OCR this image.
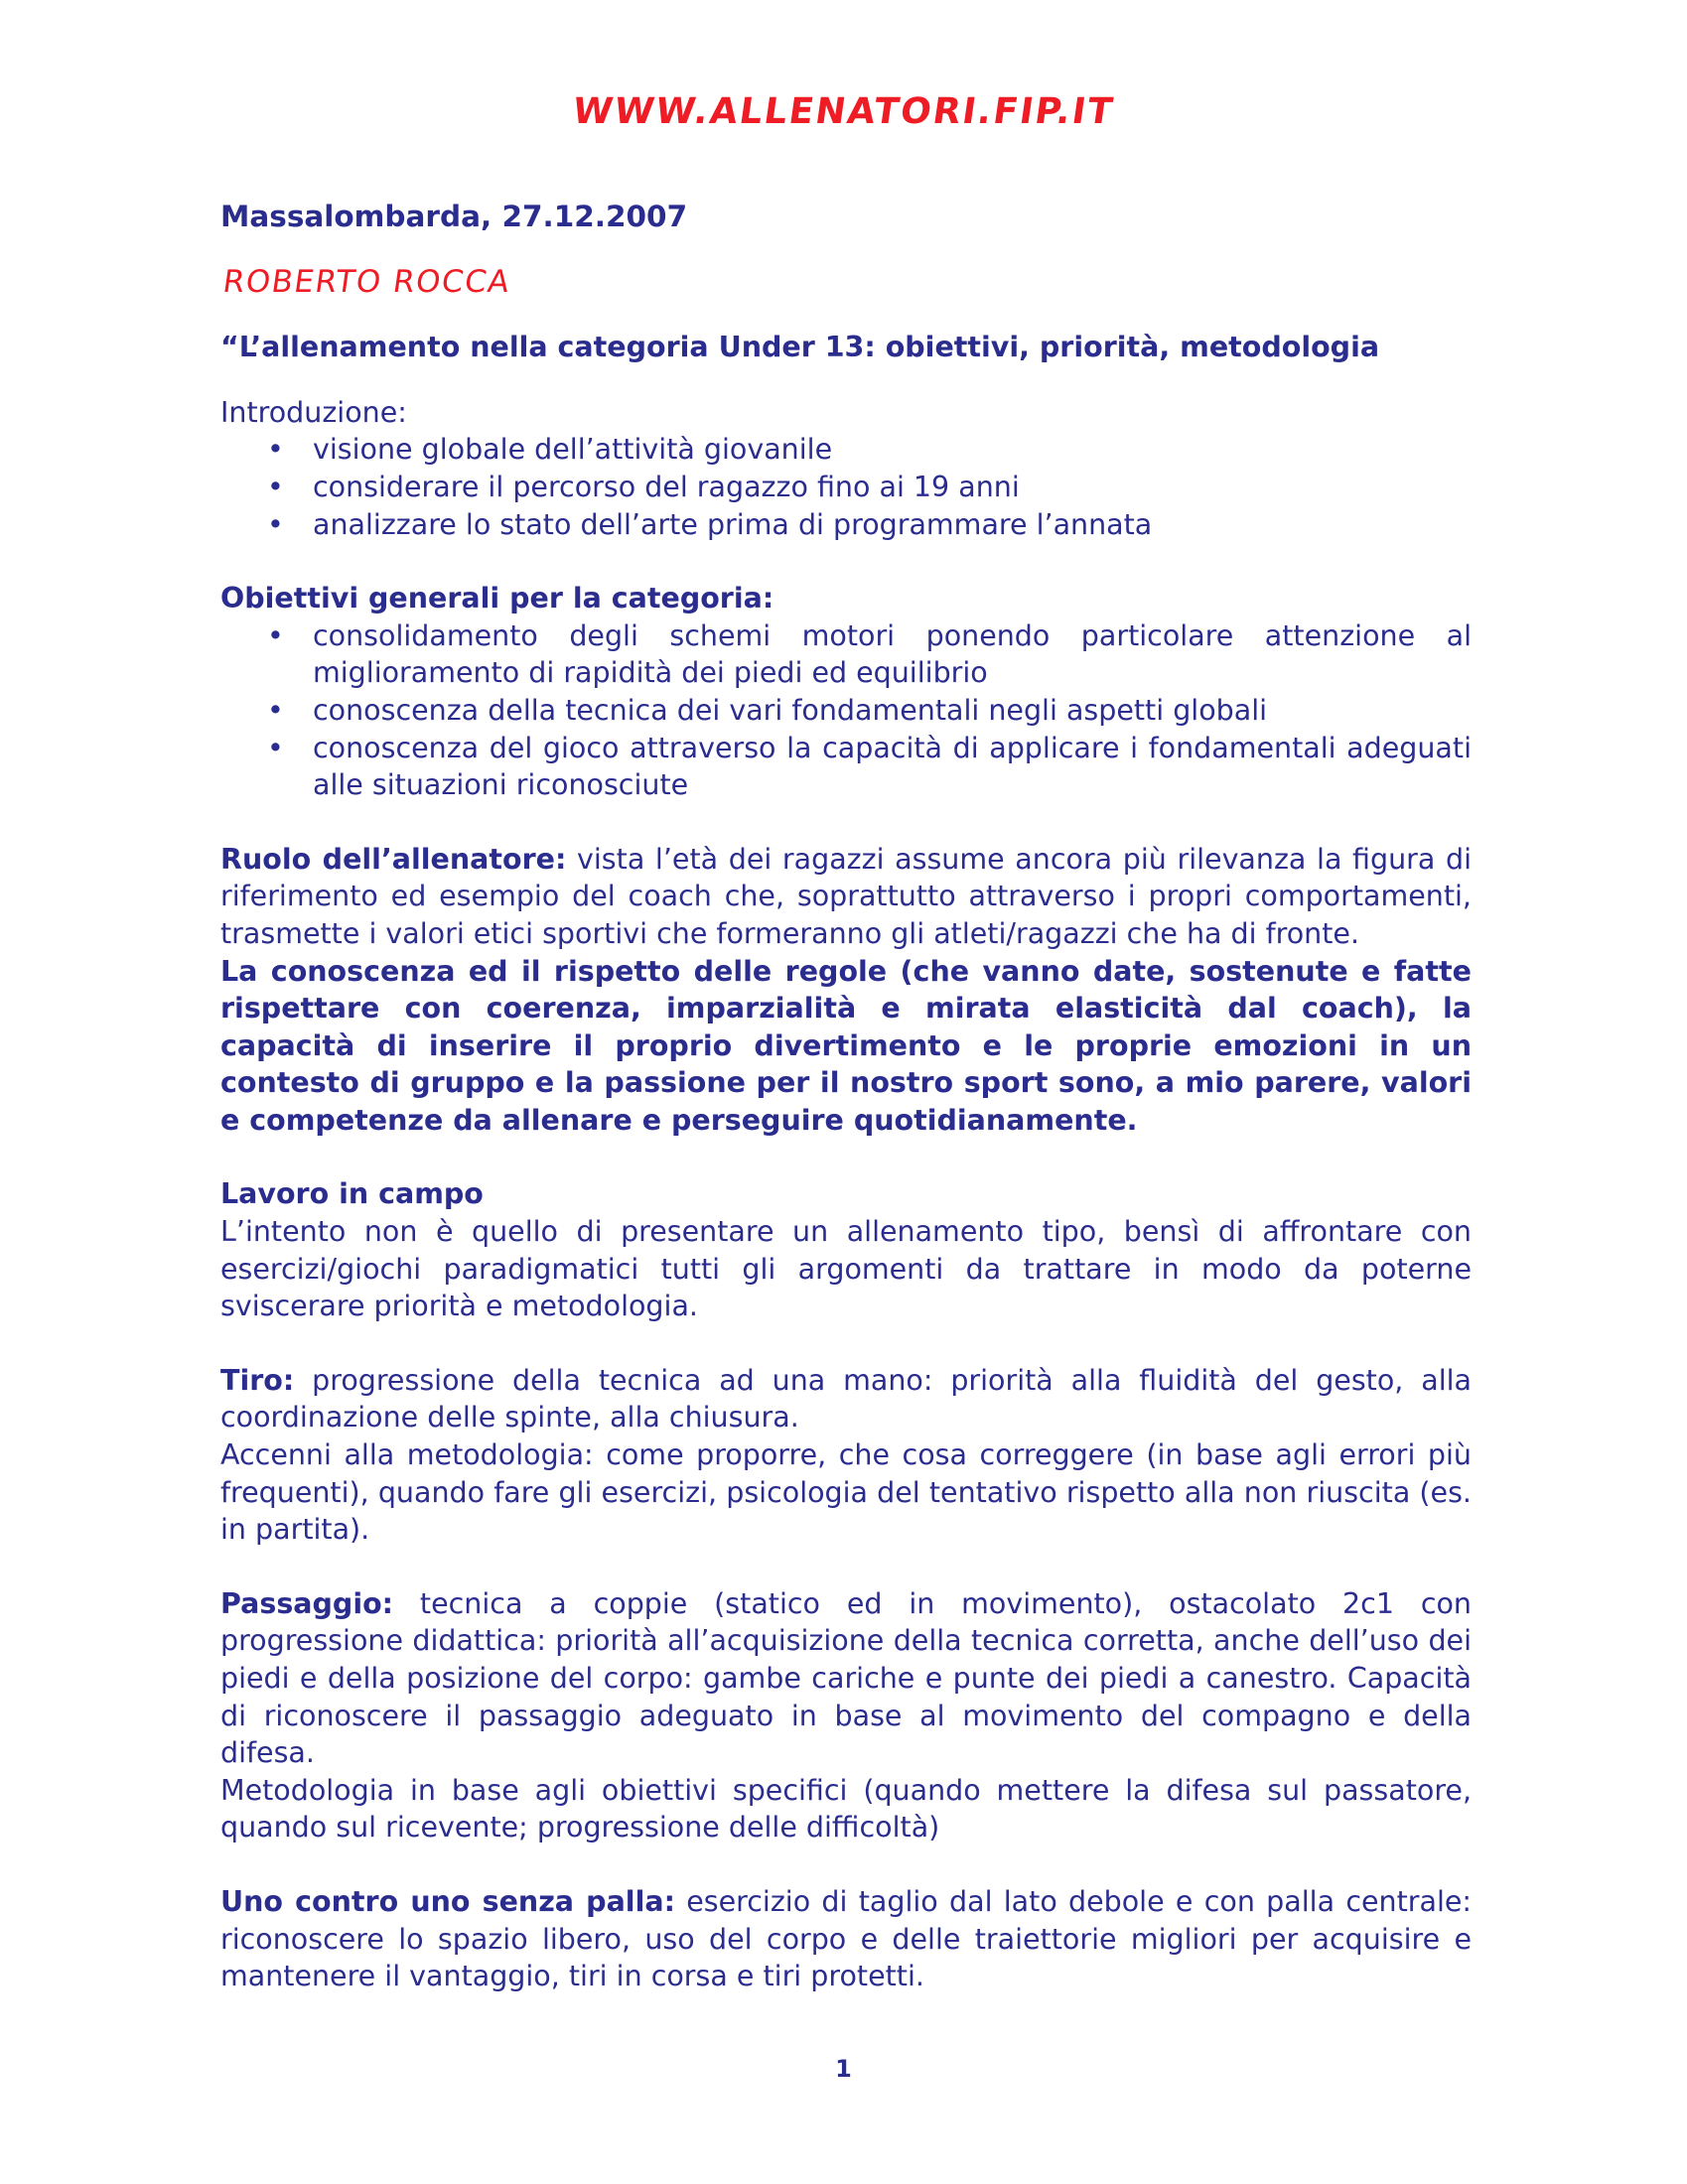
WWW.ALLENATORI.FIP.IT

Massalombarda, 27.12.2007

ROBERTO ROCCA

“L’allenamento nella categoria Under 13: obiettivi, priorità, metodologia

Introduzione:

• visione globale dell’attività giovanile
• considerare il percorso del ragazzo fino ai 19 anni
• analizzare lo stato dell’arte prima di programmare l’annata

Obiettivi generali per la categoria:

• consolidamento degli schemi motori ponendo particolare attenzione al miglioramento di rapidità dei piedi ed equilibrio
• conoscenza della tecnica dei vari fondamentali negli aspetti globali
• conoscenza del gioco attraverso la capacità di applicare i fondamentali adeguati alle situazioni riconosciute

Ruolo dell’allenatore: vista l’età dei ragazzi assume ancora più rilevanza la figura di riferimento ed esempio del coach che, soprattutto attraverso i propri comportamenti, trasmette i valori etici sportivi che formeranno gli atleti/ragazzi che ha di fronte.

La conoscenza ed il rispetto delle regole (che vanno date, sostenute e fatte rispettare con coerenza, imparzialità e mirata elasticità dal coach), la capacità di inserire il proprio divertimento e le proprie emozioni in un contesto di gruppo e la passione per il nostro sport sono, a mio parere, valori e competenze da allenare e perseguire quotidianamente.

Lavoro in campo

L’intento non è quello di presentare un allenamento tipo, bensì di affrontare con esercizi/giochi paradigmatici tutti gli argomenti da trattare in modo da poterne sviscerare priorità e metodologia.

Tiro: progressione della tecnica ad una mano: priorità alla fluidità del gesto, alla coordinazione delle spinte, alla chiusura.

Accenni alla metodologia: come proporre, che cosa correggere (in base agli errori più frequenti), quando fare gli esercizi, psicologia del tentativo rispetto alla non riuscita (es. in partita).

Passaggio: tecnica a coppie (statico ed in movimento), ostacolato 2c1 con progressione didattica: priorità all’acquisizione della tecnica corretta, anche dell’uso dei piedi e della posizione del corpo: gambe cariche e punte dei piedi a canestro. Capacità di riconoscere il passaggio adeguato in base al movimento del compagno e della difesa.

Metodologia in base agli obiettivi specifici (quando mettere la difesa sul passatore, quando sul ricevente; progressione delle difficoltà)

Uno contro uno senza palla: esercizio di taglio dal lato debole e con palla centrale: riconoscere lo spazio libero, uso del corpo e delle traiettorie migliori per acquisire e mantenere il vantaggio, tiri in corsa e tiri protetti.

1
